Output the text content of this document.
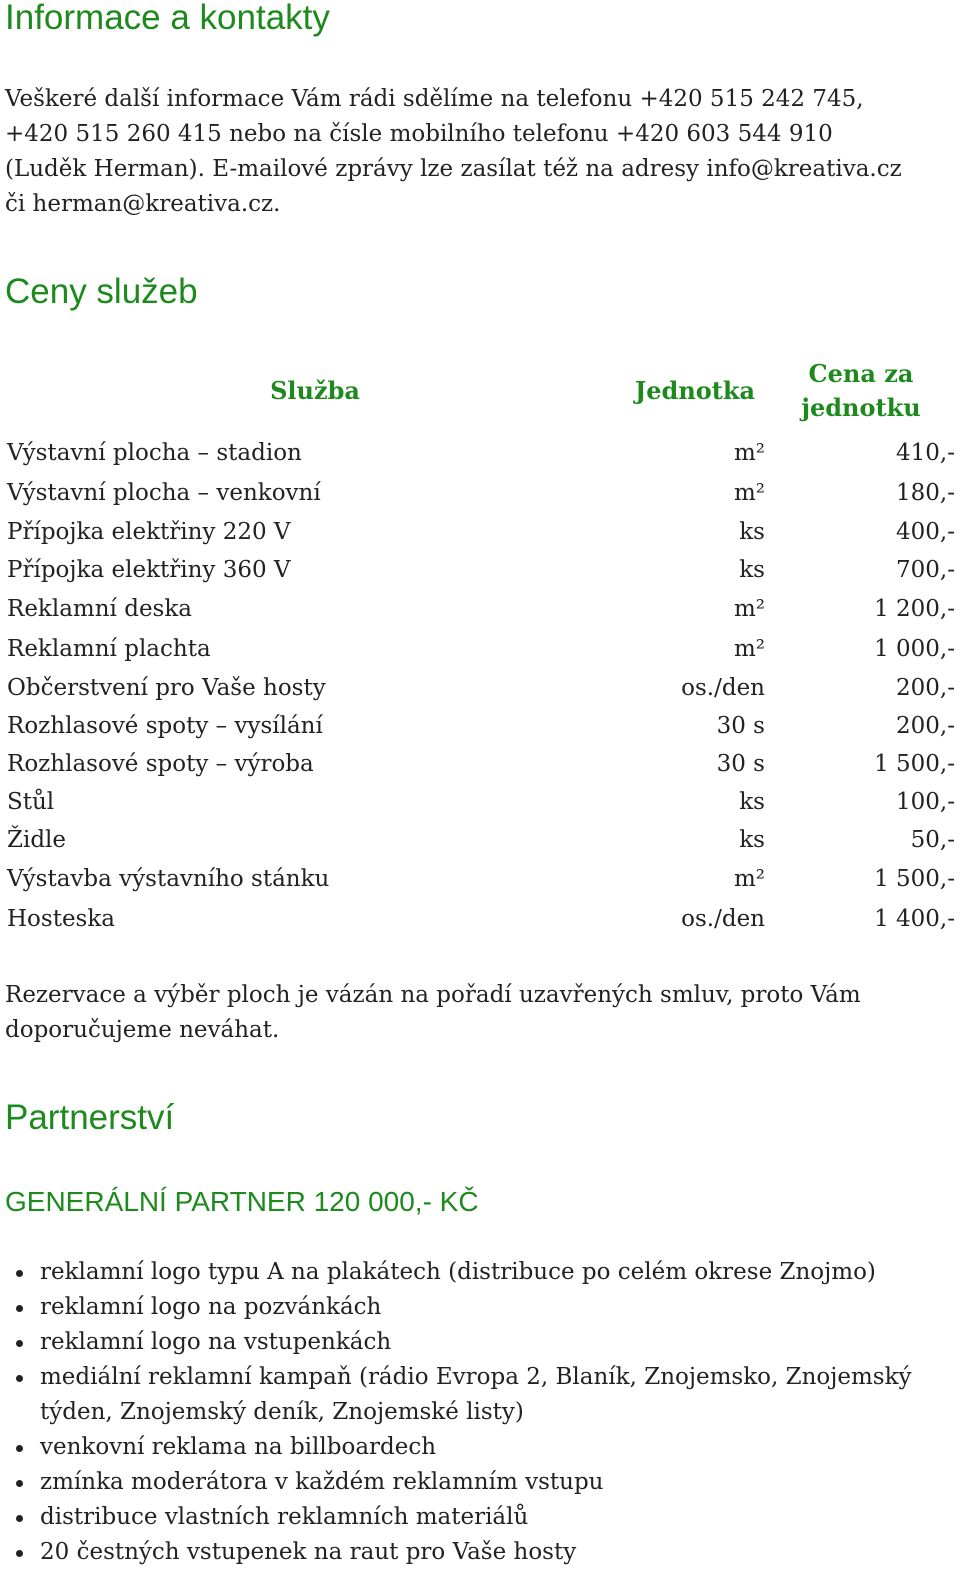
Informace a kontakty

Veškeré další informace Vám rádi sdělíme na telefonu +420 515 242 745, +420 515 260 415 nebo na čísle mobilního telefonu +420 603 544 910 (Luděk Herman). E-mailové zprávy lze zasílat též na adresy info@kreativa.cz či herman@kreativa.cz.

Ceny služeb
Služba	Jednotka	Cena za jednotku
Výstavní plocha – stadion	m²	410,-
Výstavní plocha – venkovní	m²	180,-
Přípojka elektřiny 220 V	ks	400,-
Přípojka elektřiny 360 V	ks	700,-
Reklamní deska	m²	1 200,-
Reklamní plachta	m²	1 000,-
Občerstvení pro Vaše hosty	os./den	200,-
Rozhlasové spoty – vysílání	30 s	200,-
Rozhlasové spoty – výroba	30 s	1 500,-
Stůl	ks	100,-
Židle	ks	50,-
Výstavba výstavního stánku	m²	1 500,-
Hosteska	os./den	1 400,-

Rezervace a výběr ploch je vázán na pořadí uzavřených smluv, proto Vám doporučujeme neváhat.

Partnerství
GENERÁLNÍ PARTNER 120 000,- KČ
reklamní logo typu A na plakátech (distribuce po celém okrese Znojmo)
reklamní logo na pozvánkách
reklamní logo na vstupenkách
mediální reklamní kampaň (rádio Evropa 2, Blaník, Znojemsko, Znojemský týden, Znojemský deník, Znojemské listy)
venkovní reklama na billboardech
zmínka moderátora v každém reklamním vstupu
distribuce vlastních reklamních materiálů
20 čestných vstupenek na raut pro Vaše hosty
